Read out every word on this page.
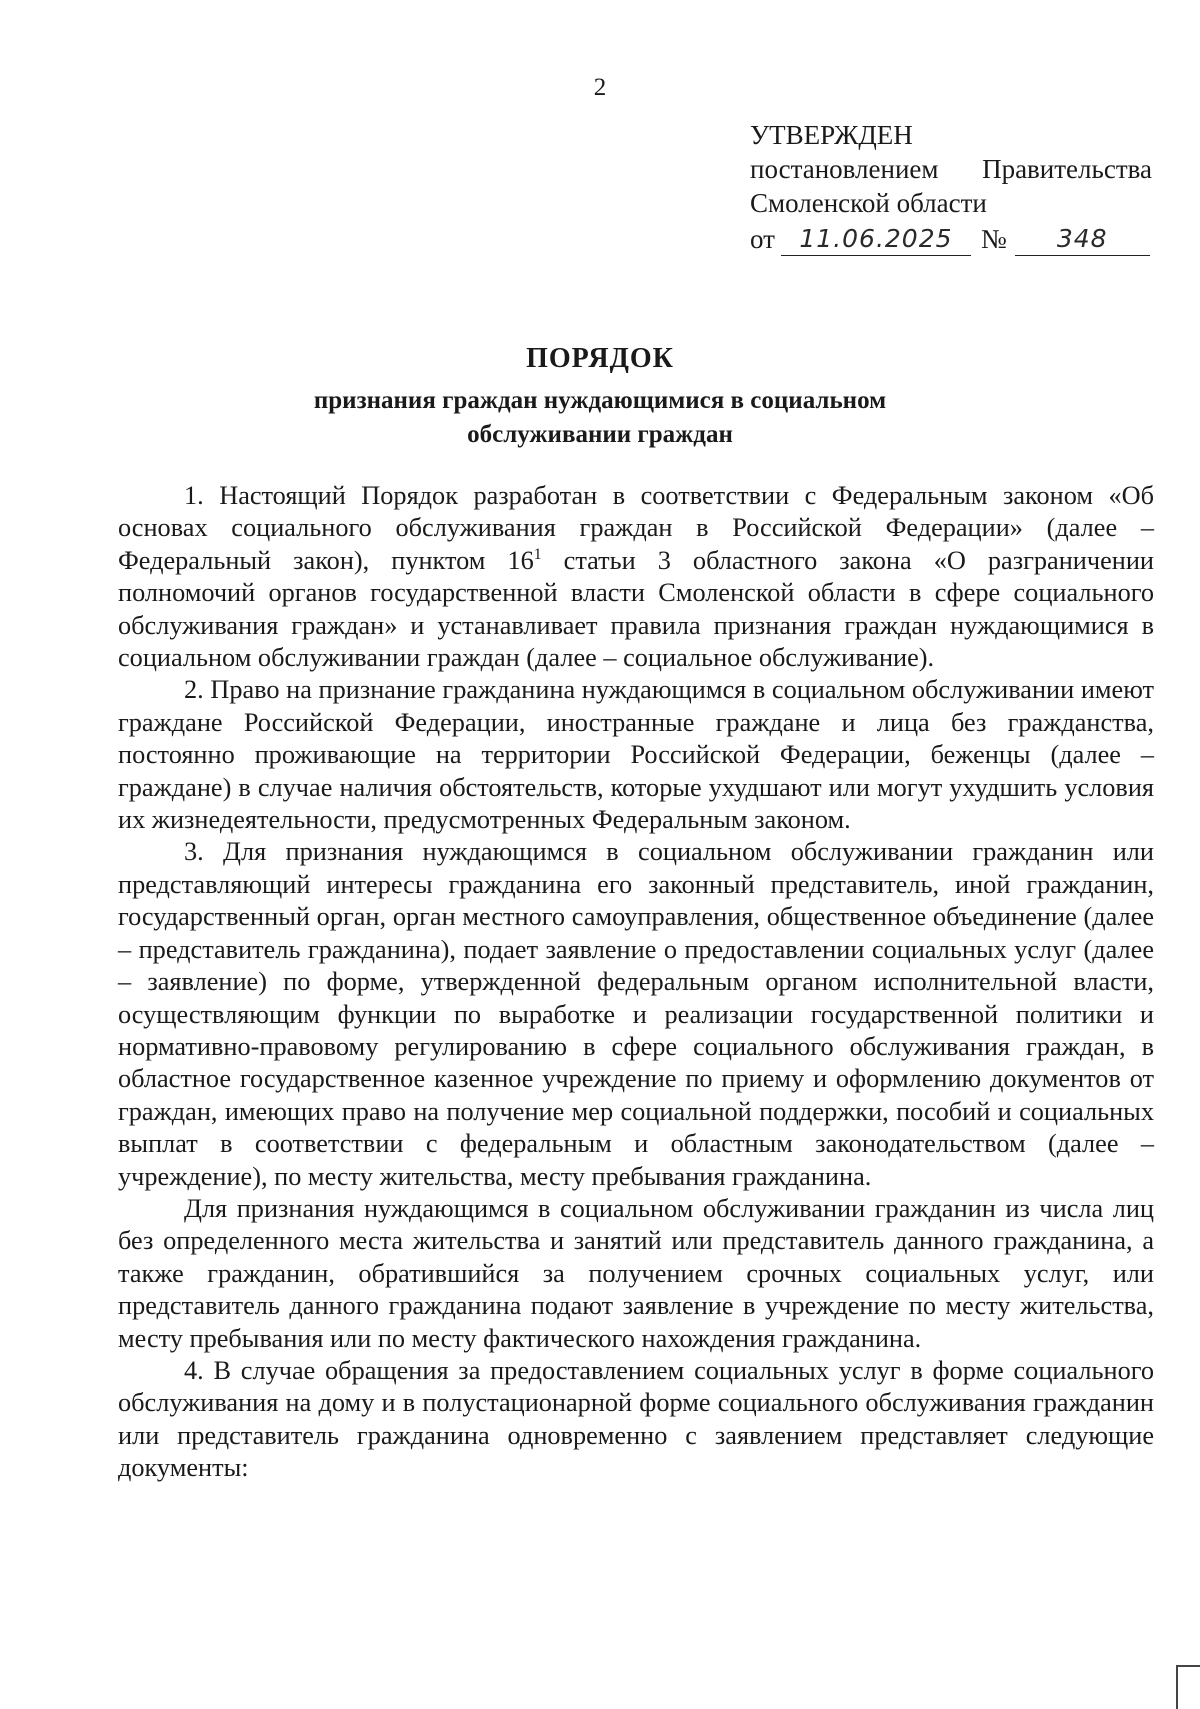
2
УТВЕРЖДЕН
постановлением Правительства
Смоленской области
от 11.06.2025	№	348
ПОРЯДОК
признания граждан нуждающимися в социальном
обслуживании граждан

1. Настоящий Порядок разработан в соответствии с Федеральным законом «Об основах социального обслуживания граждан в Российской Федерации» (далее – Федеральный закон), пунктом $16^1$ статьи 3 областного закона «О разграничении полномочий органов государственной власти Смоленской области в сфере социального обслуживания граждан» и устанавливает правила признания граждан нуждающимися в социальном обслуживании граждан (далее – социальное обслуживание).

2. Право на признание гражданина нуждающимся в социальном обслуживании имеют граждане Российской Федерации, иностранные граждане и лица без гражданства, постоянно проживающие на территории Российской Федерации, беженцы (далее – граждане) в случае наличия обстоятельств, которые ухудшают или могут ухудшить условия их жизнедеятельности, предусмотренных Федеральным законом.

3. Для признания нуждающимся в социальном обслуживании гражданин или представляющий интересы гражданина его законный представитель, иной гражданин, государственный орган, орган местного самоуправления, общественное объединение (далее – представитель гражданина), подает заявление о предоставлении социальных услуг (далее – заявление) по форме, утвержденной федеральным органом исполнительной власти, осуществляющим функции по выработке и реализации государственной политики и нормативно-правовому регулированию в сфере социального обслуживания граждан, в областное государственное казенное учреждение по приему и оформлению документов от граждан, имеющих право на получение мер социальной поддержки, пособий и социальных выплат в соответствии с федеральным и областным законодательством (далее – учреждение), по месту жительства, месту пребывания гражданина.

Для признания нуждающимся в социальном обслуживании гражданин из числа лиц без определенного места жительства и занятий или представитель данного гражданина, а также гражданин, обратившийся за получением срочных социальных услуг, или представитель данного гражданина подают заявление в учреждение по месту жительства, месту пребывания или по месту фактического нахождения гражданина.

4. В случае обращения за предоставлением социальных услуг в форме социального обслуживания на дому и в полустационарной форме социального обслуживания гражданин или представитель гражданина одновременно с заявлением представляет следующие документы:
